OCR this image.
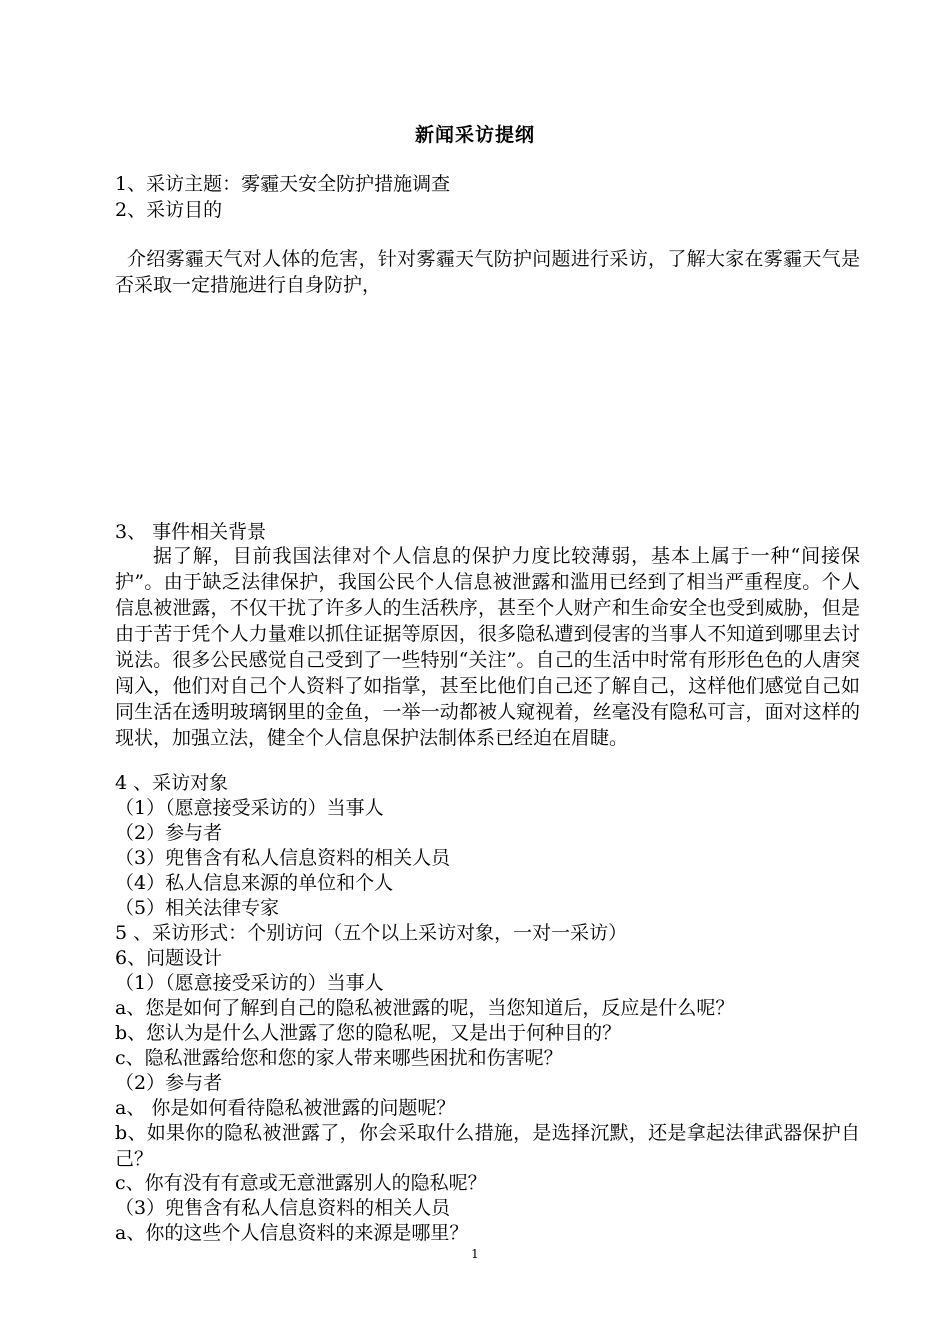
新闻采访提纲
1、采访主题：雾霾天安全防护措施调查
2、采访目的
介绍雾霾天气对人体的危害，针对雾霾天气防护问题进行采访，了解大家在雾霾天气是否采取一定措施进行自身防护，
3、 事件相关背景
据了解，目前我国法律对个人信息的保护力度比较薄弱，基本上属于一种“间接保护”。由于缺乏法律保护，我国公民个人信息被泄露和滥用已经到了相当严重程度。个人信息被泄露，不仅干扰了许多人的生活秩序，甚至个人财产和生命安全也受到威胁，但是由于苦于凭个人力量难以抓住证据等原因，很多隐私遭到侵害的当事人不知道到哪里去讨说法。很多公民感觉自己受到了一些特别“关注”。自己的生活中时常有形形色色的人唐突闯入，他们对自己个人资料了如指掌，甚至比他们自己还了解自己，这样他们感觉自己如同生活在透明玻璃钢里的金鱼，一举一动都被人窥视着，丝毫没有隐私可言，面对这样的现状，加强立法，健全个人信息保护法制体系已经迫在眉睫。
4 、采访对象
（1）（愿意接受采访的）当事人
（2）参与者
（3）兜售含有私人信息资料的相关人员
（4）私人信息来源的单位和个人
（5）相关法律专家
5 、采访形式：个别访问（五个以上采访对象，一对一采访）
6、问题设计
（1）（愿意接受采访的）当事人
a、您是如何了解到自己的隐私被泄露的呢，当您知道后，反应是什么呢？
b、您认为是什么人泄露了您的隐私呢，又是出于何种目的？
c、隐私泄露给您和您的家人带来哪些困扰和伤害呢？
（2）参与者
a、 你是如何看待隐私被泄露的问题呢？
b、如果你的隐私被泄露了，你会采取什么措施，是选择沉默，还是拿起法律武器保护自己？
c、你有没有有意或无意泄露别人的隐私呢？
（3）兜售含有私人信息资料的相关人员
a、你的这些个人信息资料的来源是哪里？
1
